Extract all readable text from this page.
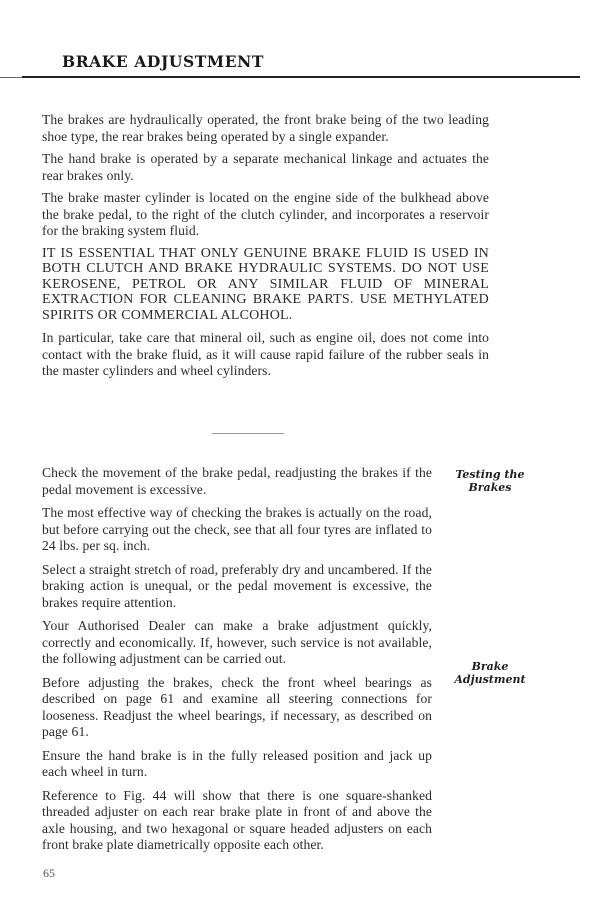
BRAKE ADJUSTMENT

The brakes are hydraulically operated, the front brake being of the two leading shoe type, the rear brakes being operated by a single expander.

The hand brake is operated by a separate mechanical linkage and actuates the rear brakes only.

The brake master cylinder is located on the engine side of the bulkhead above the brake pedal, to the right of the clutch cylinder, and incorporates a reservoir for the braking system fluid.

IT IS ESSENTIAL THAT ONLY GENUINE BRAKE FLUID IS USED IN BOTH CLUTCH AND BRAKE HYDRAULIC SYSTEMS. DO NOT USE KEROSENE, PETROL OR ANY SIMILAR FLUID OF MINERAL EXTRACTION FOR CLEANING BRAKE PARTS. USE METHYLATED SPIRITS OR COMMERCIAL ALCOHOL.

In particular, take care that mineral oil, such as engine oil, does not come into contact with the brake fluid, as it will cause rapid failure of the rubber seals in the master cylinders and wheel cylinders.

Check the movement of the brake pedal, readjusting the brakes if the pedal movement is excessive.

The most effective way of checking the brakes is actually on the road, but before carrying out the check, see that all four tyres are inflated to 24 lbs. per sq. inch.

Select a straight stretch of road, preferably dry and uncambered. If the braking action is unequal, or the pedal movement is excessive, the brakes require attention.

Your Authorised Dealer can make a brake adjustment quickly, correctly and economically. If, however, such service is not available, the following adjustment can be carried out.

Before adjusting the brakes, check the front wheel bearings as described on page 61 and examine all steering connections for looseness. Readjust the wheel bearings, if necessary, as described on page 61.

Ensure the hand brake is in the fully released position and jack up each wheel in turn.

Reference to Fig. 44 will show that there is one square-shanked threaded adjuster on each rear brake plate in front of and above the axle housing, and two hexagonal or square headed adjusters on each front brake plate diametrically opposite each other.

Testing the
Brakes
Brake
Adjustment

65
